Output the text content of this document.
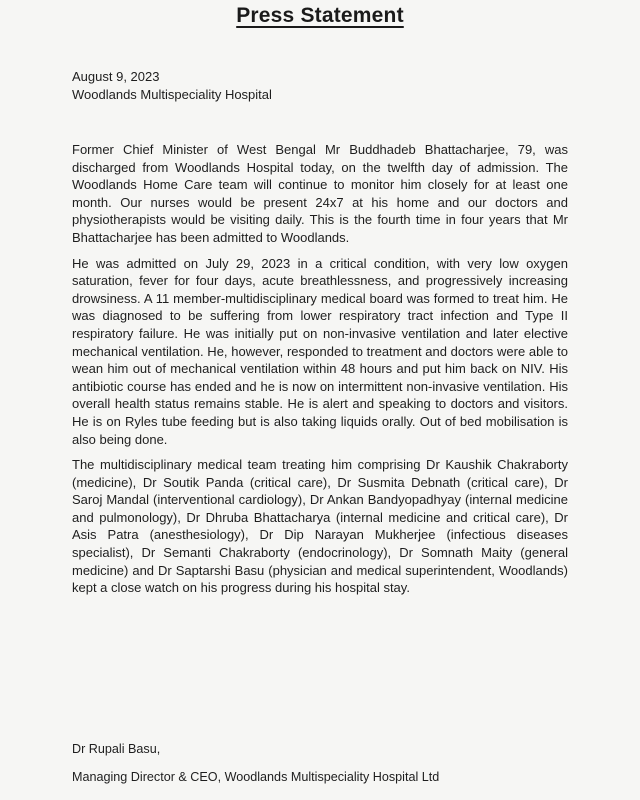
Press Statement
August 9, 2023
Woodlands Multispeciality Hospital

Former Chief Minister of West Bengal Mr Buddhadeb Bhattacharjee, 79, was discharged from Woodlands Hospital today, on the twelfth day of admission. The Woodlands Home Care team will continue to monitor him closely for at least one month. Our nurses would be present 24x7 at his home and our doctors and physiotherapists would be visiting daily. This is the fourth time in four years that Mr Bhattacharjee has been admitted to Woodlands.

He was admitted on July 29, 2023 in a critical condition, with very low oxygen saturation, fever for four days, acute breathlessness, and progressively increasing drowsiness. A 11 member-multidisciplinary medical board was formed to treat him. He was diagnosed to be suffering from lower respiratory tract infection and Type II respiratory failure. He was initially put on non-invasive ventilation and later elective mechanical ventilation. He, however, responded to treatment and doctors were able to wean him out of mechanical ventilation within 48 hours and put him back on NIV. His antibiotic course has ended and he is now on intermittent non-invasive ventilation. His overall health status remains stable. He is alert and speaking to doctors and visitors. He is on Ryles tube feeding but is also taking liquids orally. Out of bed mobilisation is also being done.

The multidisciplinary medical team treating him comprising Dr Kaushik Chakraborty (medicine), Dr Soutik Panda (critical care), Dr Susmita Debnath (critical care), Dr Saroj Mandal (interventional cardiology), Dr Ankan Bandyopadhyay (internal medicine and pulmonology), Dr Dhruba Bhattacharya (internal medicine and critical care), Dr Asis Patra (anesthesiology), Dr Dip Narayan Mukherjee (infectious diseases specialist), Dr Semanti Chakraborty (endocrinology), Dr Somnath Maity (general medicine) and Dr Saptarshi Basu (physician and medical superintendent, Woodlands) kept a close watch on his progress during his hospital stay.

Dr Rupali Basu,
Managing Director & CEO, Woodlands Multispeciality Hospital Ltd
